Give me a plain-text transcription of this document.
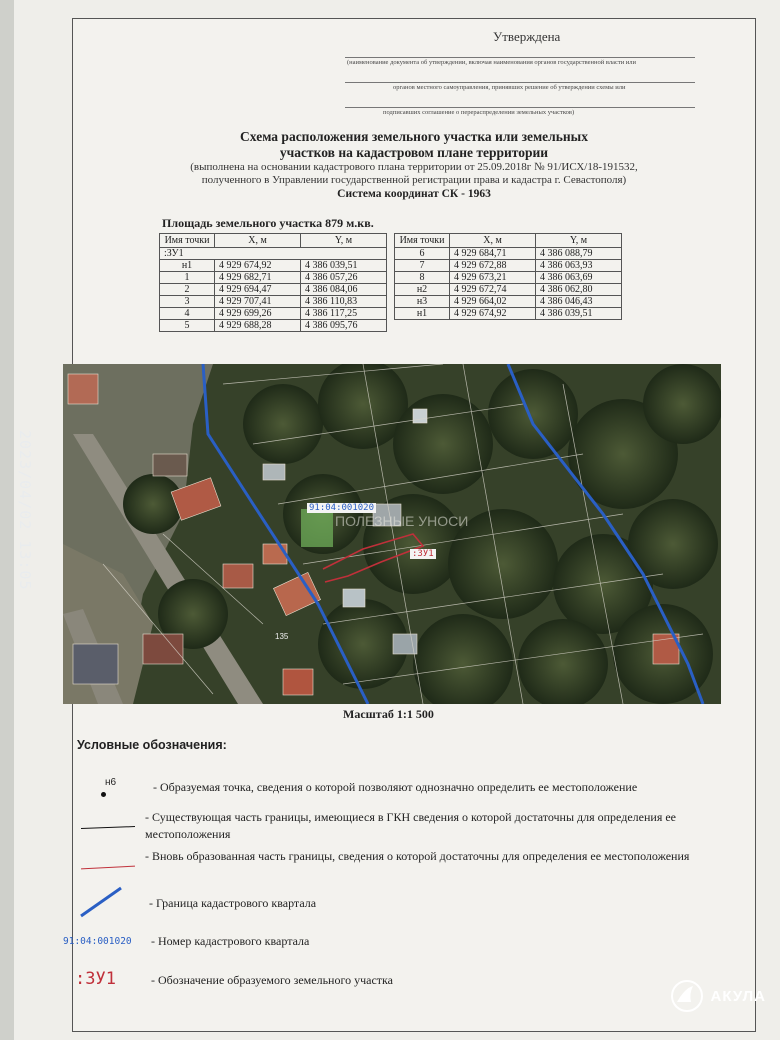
Утверждена
(наименование документа об утверждении, включая наименования органов государственной власти или
органов местного самоуправления, принявших решение об утверждении схемы или
подписавших соглашение о перераспределении земельных участков)
Схема расположения земельного участка или земельных
участков на кадастровом плане территории
(выполнена на основании кадастрового плана территории от 25.09.2018г № 91/ИСХ/18-191532,
полученного в Управлении государственной регистрации права и кадастра г. Севастополя)
Система координат СК - 1963
Площадь земельного участка 879 м.кв.
Имя точки	X, м	Y, м
:ЗУ1		
н1	4 929 674,92	4 386 039,51
1	4 929 682,71	4 386 057,26
2	4 929 694,47	4 386 084,06
3	4 929 707,41	4 386 110,83
4	4 929 699,26	4 386 117,25
5	4 929 688,28	4 386 095,76
Имя точки	X, м	Y, м
6	4 929 684,71	4 386 088,79
7	4 929 672,88	4 386 063,93
8	4 929 673,21	4 386 063,69
н2	4 929 672,74	4 386 062,80
н3	4 929 664,02	4 386 046,43
н1	4 929 674,92	4 386 039,51
91:04:001020
ПОЛЕЗНЫЕ УНОСИ
:ЗУ1
135
Масштаб 1:1 500
Условные обозначения:
н6	- Образуемая точка, сведения о которой позволяют однозначно определить ее местоположение
- Существующая часть границы, имеющиеся в ГКН сведения о которой достаточны для определения ее местоположения
- Вновь образованная часть границы, сведения о которой достаточны для определения ее местоположения
- Граница кадастрового квартала
91:04:001020 - Номер кадастрового квартала
:ЗУ1	- Обозначение образуемого земельного участка
2023/04/02 13:05
АКУЛА
